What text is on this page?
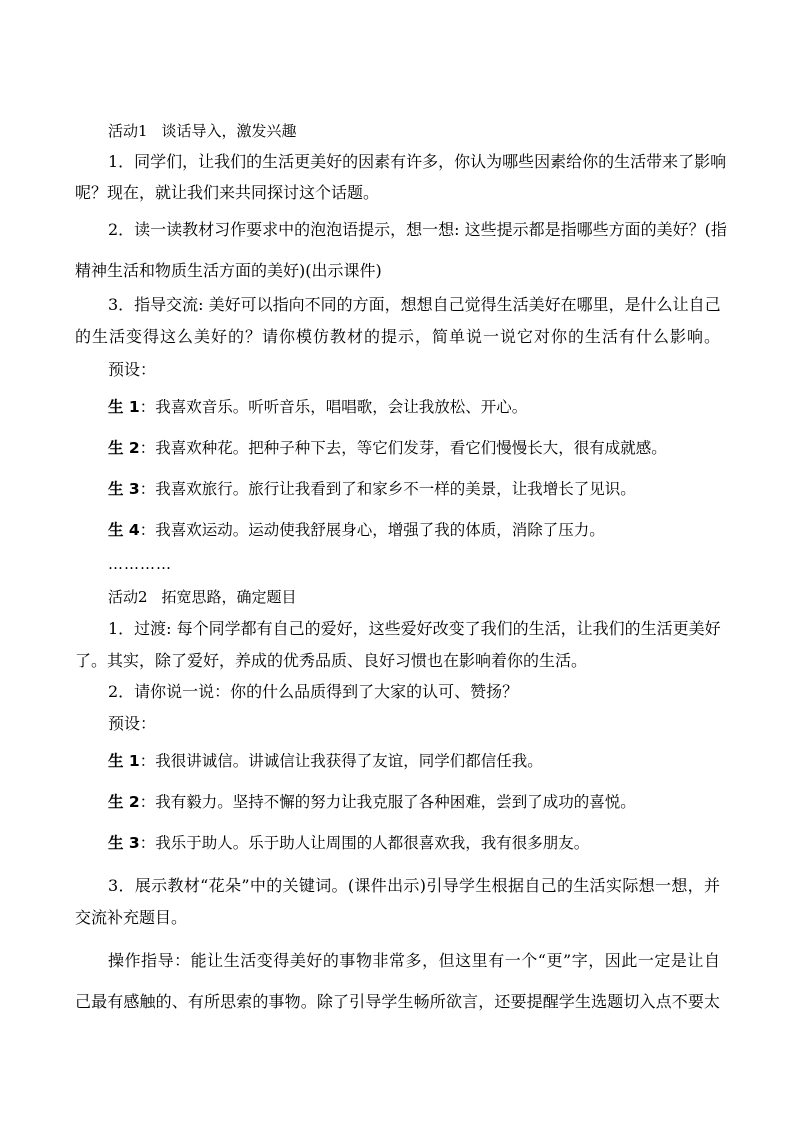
活动1 谈话导入，激发兴趣
1．同学们，让我们的生活更美好的因素有许多，你认为哪些因素给你的生活带来了影响
呢？现在，就让我们来共同探讨这个话题。
2．读一读教材习作要求中的泡泡语提示，想一想: 这些提示都是指哪些方面的美好？(指
精神生活和物质生活方面的美好)(出示课件)
3．指导交流: 美好可以指向不同的方面，想想自己觉得生活美好在哪里，是什么让自己
的生活变得这么美好的？请你模仿教材的提示，简单说一说它对你的生活有什么影响。
预设：
生 1：我喜欢音乐。听听音乐，唱唱歌，会让我放松、开心。
生 2：我喜欢种花。把种子种下去，等它们发芽，看它们慢慢长大，很有成就感。
生 3：我喜欢旅行。旅行让我看到了和家乡不一样的美景，让我增长了见识。
生 4：我喜欢运动。运动使我舒展身心，增强了我的体质，消除了压力。
…………
活动2 拓宽思路，确定题目
1．过渡: 每个同学都有自己的爱好，这些爱好改变了我们的生活，让我们的生活更美好
了。其实，除了爱好，养成的优秀品质、良好习惯也在影响着你的生活。
2．请你说一说：你的什么品质得到了大家的认可、赞扬？
预设：
生 1：我很讲诚信。讲诚信让我获得了友谊，同学们都信任我。
生 2：我有毅力。坚持不懈的努力让我克服了各种困难，尝到了成功的喜悦。
生 3：我乐于助人。乐于助人让周围的人都很喜欢我，我有很多朋友。
3．展示教材“花朵”中的关键词。(课件出示)引导学生根据自己的生活实际想一想，并
交流补充题目。
操作指导：能让生活变得美好的事物非常多，但这里有一个“更”字，因此一定是让自
己最有感触的、有所思索的事物。除了引导学生畅所欲言，还要提醒学生选题切入点不要太
